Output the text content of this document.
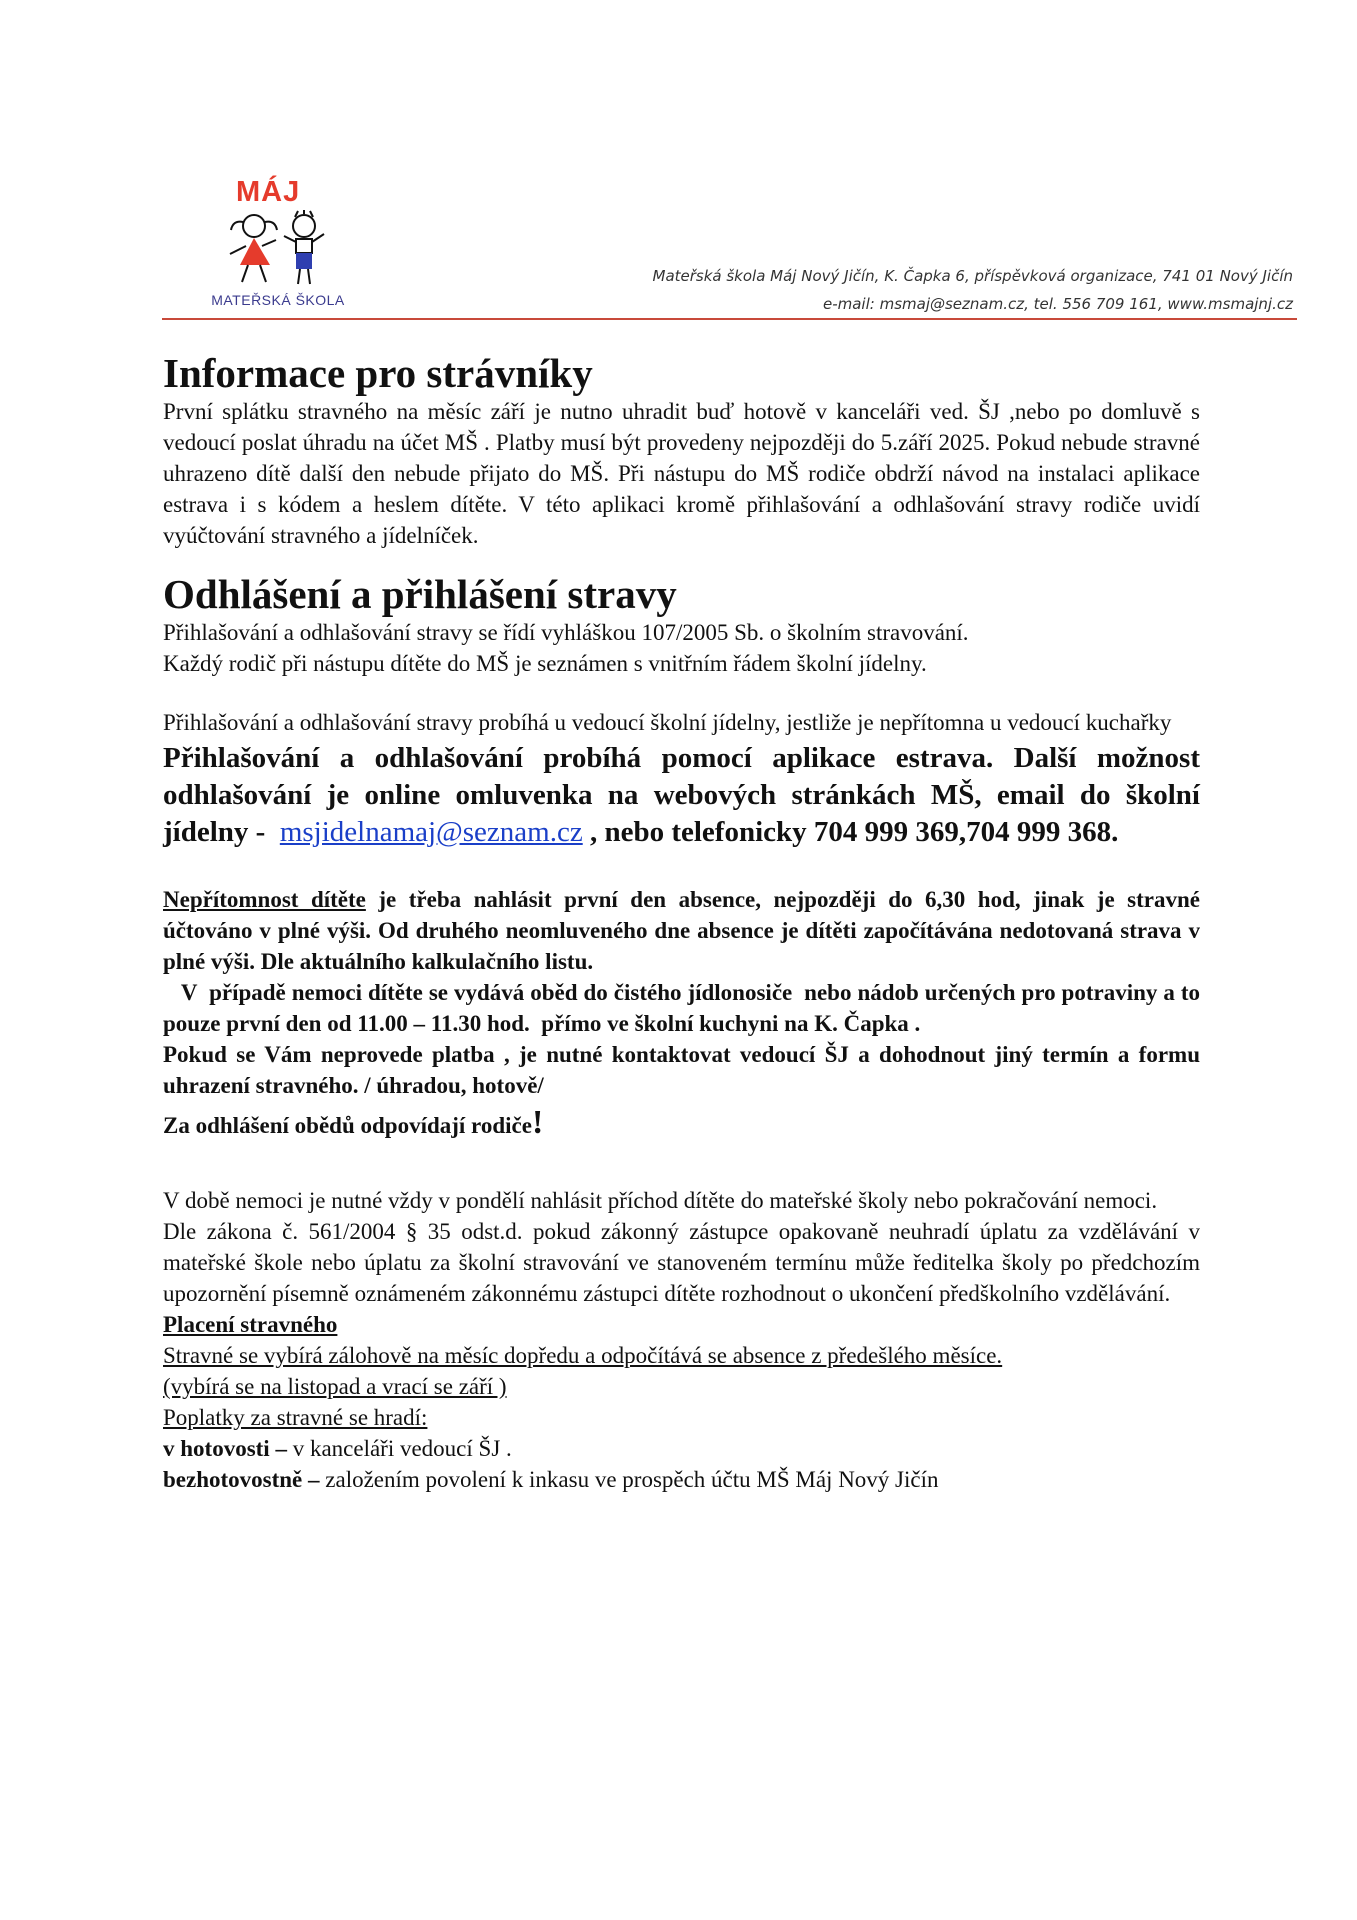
MÁJ
MATEŘSKÁ ŠKOLA
Mateřská škola Máj Nový Jičín, K. Čapka 6, příspěvková organizace, 741 01 Nový Jičín
e-mail: msmaj@seznam.cz, tel. 556 709 161, www.msmajnj.cz
Informace pro strávníky

První splátku stravného na měsíc září je nutno uhradit buď hotově v kanceláři ved. ŠJ ,nebo po domluvě s vedoucí poslat úhradu na účet MŠ . Platby musí být provedeny nejpozději do 5.září 2025. Pokud nebude stravné uhrazeno dítě další den nebude přijato do MŠ. Při nástupu do MŠ rodiče obdrží návod na instalaci aplikace estrava i s kódem a heslem dítěte. V této aplikaci kromě přihlašování a odhlašování stravy rodiče uvidí vyúčtování stravného a jídelníček.

Odhlášení a přihlášení stravy

Přihlašování a odhlašování stravy se řídí vyhláškou 107/2005 Sb. o školním stravování.

Každý rodič při nástupu dítěte do MŠ je seznámen s vnitřním řádem školní jídelny.

Přihlašování a odhlašování stravy probíhá u vedoucí školní jídelny, jestliže je nepřítomna u vedoucí kuchařky

Přihlašování a odhlašování probíhá pomocí aplikace estrava. Další možnost odhlašování je online omluvenka na webových stránkách MŠ, email do školní jídelny - msjidelnamaj@seznam.cz , nebo telefonicky 704 999 369,704 999 368.

Nepřítomnost dítěte je třeba nahlásit první den absence, nejpozději do 6,30 hod, jinak je stravné účtováno v plné výši. Od druhého neomluveného dne absence je dítěti započítávána nedotovaná strava v plné výši. Dle aktuálního kalkulačního listu.

V  případě nemoci dítěte se vydává oběd do čistého jídlonosiče  nebo nádob určených pro potraviny a to pouze první den od 11.00 – 11.30 hod.  přímo ve školní kuchyni na K. Čapka .

Pokud se Vám neprovede platba , je nutné kontaktovat vedoucí ŠJ a dohodnout jiný termín a formu uhrazení stravného. / úhradou, hotově/

Za odhlášení obědů odpovídají rodiče!

V době nemoci je nutné vždy v pondělí nahlásit příchod dítěte do mateřské školy nebo pokračování nemoci.

Dle zákona č. 561/2004 § 35 odst.d. pokud zákonný zástupce opakovaně neuhradí úplatu za vzdělávání v mateřské škole nebo úplatu za školní stravování ve stanoveném termínu může ředitelka školy po předchozím upozornění písemně oznámeném zákonnému zástupci dítěte rozhodnout o ukončení předškolního vzdělávání.

Placení stravného

Stravné se vybírá zálohově na měsíc dopředu a odpočítává se absence z předešlého měsíce.

(vybírá se na listopad a vrací se září )

Poplatky za stravné se hradí:

v hotovosti – v kanceláři vedoucí ŠJ .

bezhotovostně – založením povolení k inkasu ve prospěch účtu MŠ Máj Nový Jičín
